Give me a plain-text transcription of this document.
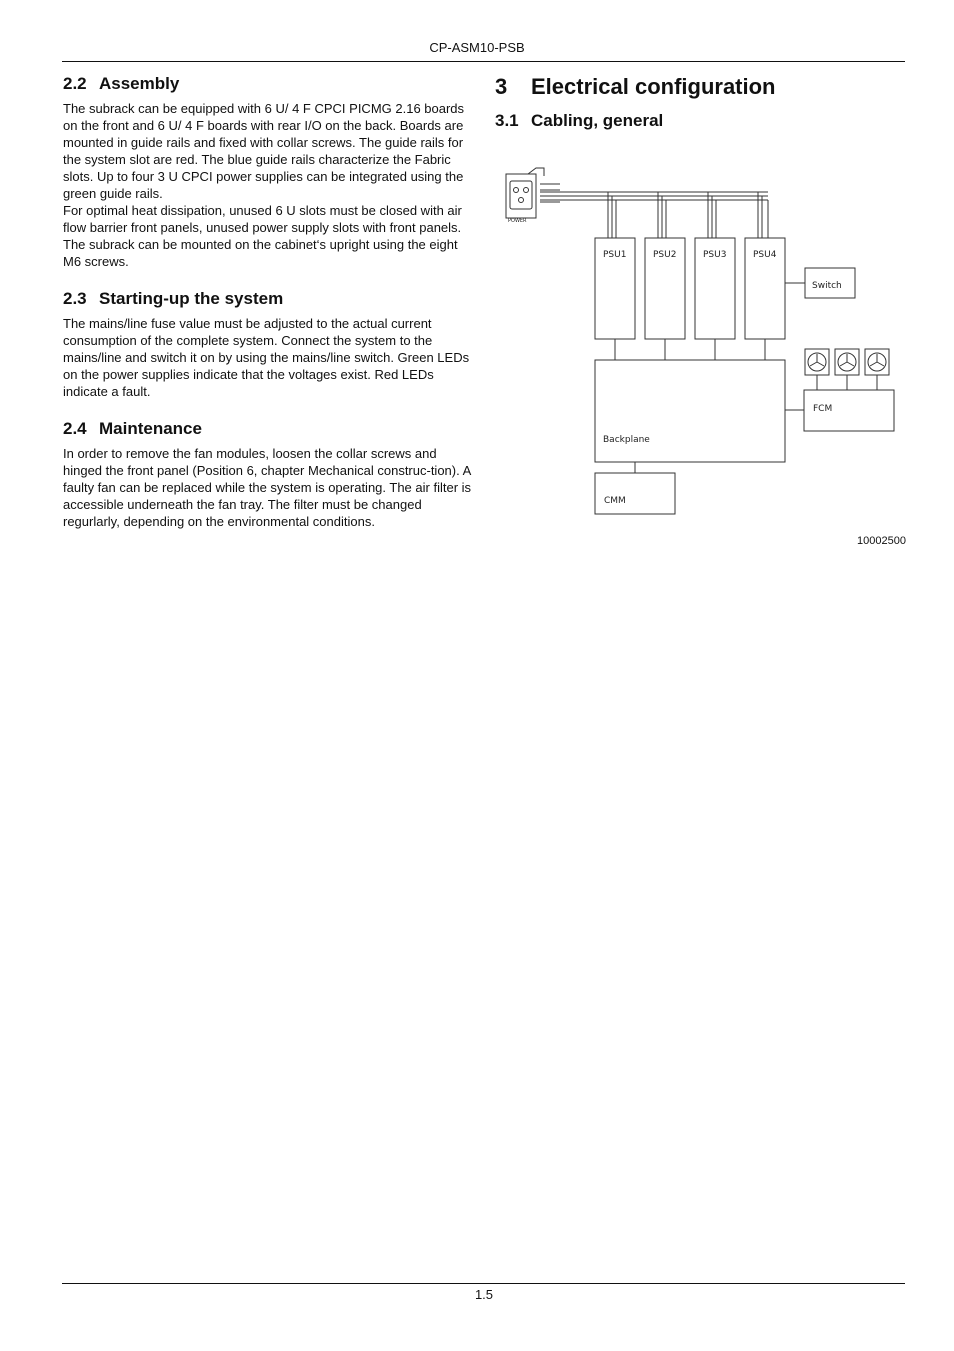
CP-ASM10-PSB
2.2 Assembly

The subrack can be equipped with 6 U/ 4 F CPCI PICMG 2.16 boards on the front and 6 U/ 4 F boards with rear I/O on the back. Boards are mounted in guide rails and fixed with collar screws. The guide rails for the system slot are red. The blue guide rails characterize the Fabric slots. Up to four 3 U CPCI power supplies can be integrated using the green guide rails.

For optimal heat dissipation, unused 6 U slots must be closed with air flow barrier front panels, unused power supply slots with front panels.

The subrack can be mounted on the cabinet‘s upright using the eight M6 screws.

2.3 Starting-up the system

The mains/line fuse value must be adjusted to the actual current consumption of the complete system. Connect the system to the mains/line and switch it on by using the mains/line switch. Green LEDs on the power supplies indicate that the voltages exist. Red LEDs indicate a fault.

2.4 Maintenance

In order to remove the fan modules, loosen the collar screws and hinged the front panel (Position 6, chapter Mechanical construc-tion). A faulty fan can be replaced while the system is operating. The air filter is accessible underneath the fan tray. The filter must be changed regurlarly, depending on the environmental conditions.

3 Electrical configuration
3.1 Cabling, general
POWER
PSU1	PSU2	PSU3	PSU4
Switch
FCM
Backplane
CMM
10002500
1.5
